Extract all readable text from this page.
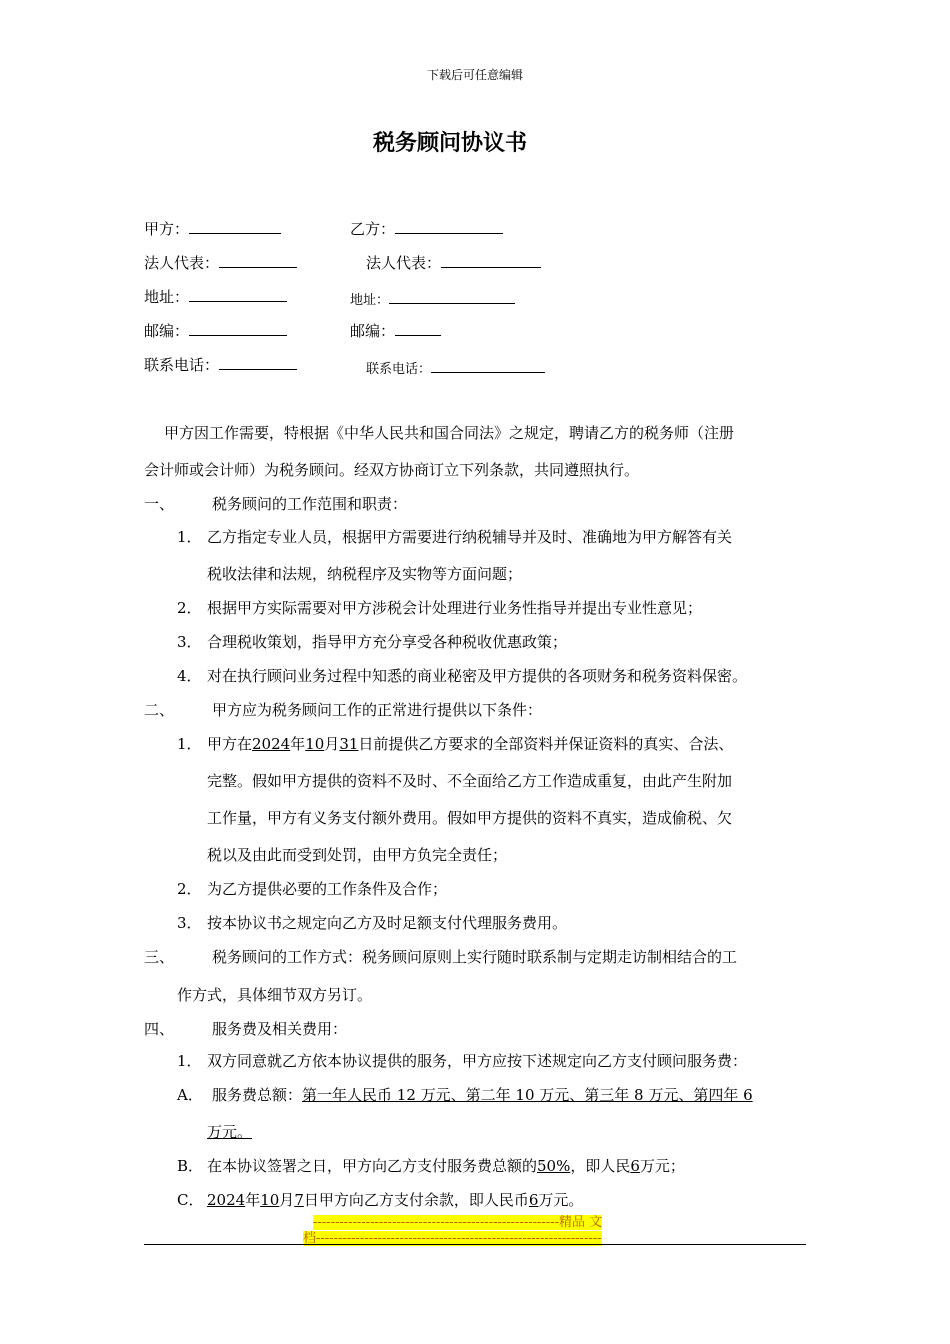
下载后可任意编辑
税务顾问协议书
甲方：	乙方：
法人代表：	法人代表：
地址：	地址：
邮编：	邮编：
联系电话：	联系电话：
甲方因工作需要，特根据《中华人民共和国合同法》之规定，聘请乙方的税务师（注册
会计师或会计师）为税务顾问。经双方协商订立下列条款，共同遵照执行。
一、	税务顾问的工作范围和职责：
1． 乙方指定专业人员，根据甲方需要进行纳税辅导并及时、准确地为甲方解答有关
税收法律和法规，纳税程序及实物等方面问题；
2． 根据甲方实际需要对甲方涉税会计处理进行业务性指导并提出专业性意见；
3． 合理税收策划，指导甲方充分享受各种税收优惠政策；
4． 对在执行顾问业务过程中知悉的商业秘密及甲方提供的各项财务和税务资料保密。
二、	甲方应为税务顾问工作的正常进行提供以下条件：
1． 甲方在2024年10月31日前提供乙方要求的全部资料并保证资料的真实、合法、
完整。假如甲方提供的资料不及时、不全面给乙方工作造成重复，由此产生附加
工作量，甲方有义务支付额外费用。假如甲方提供的资料不真实，造成偷税、欠
税以及由此而受到处罚，由甲方负完全责任；
2． 为乙方提供必要的工作条件及合作；
3． 按本协议书之规定向乙方及时足额支付代理服务费用。
三、	税务顾问的工作方式：税务顾问原则上实行随时联系制与定期走访制相结合的工
作方式，具体细节双方另订。
四、	服务费及相关费用：
1． 双方同意就乙方依本协议提供的服务，甲方应按下述规定向乙方支付顾问服务费：
A． 服务费总额：第一年人民币 12 万元、第二年 10 万元、第三年 8 万元、第四年 6
万元。
B． 在本协议签署之日，甲方向乙方支付服务费总额的50%，即人民6万元；
C． 2024年10月7日甲方向乙方支付余款，即人民币6万元。
--------------------------------------------------------精品 文
档-----------------------------------------------------------------
